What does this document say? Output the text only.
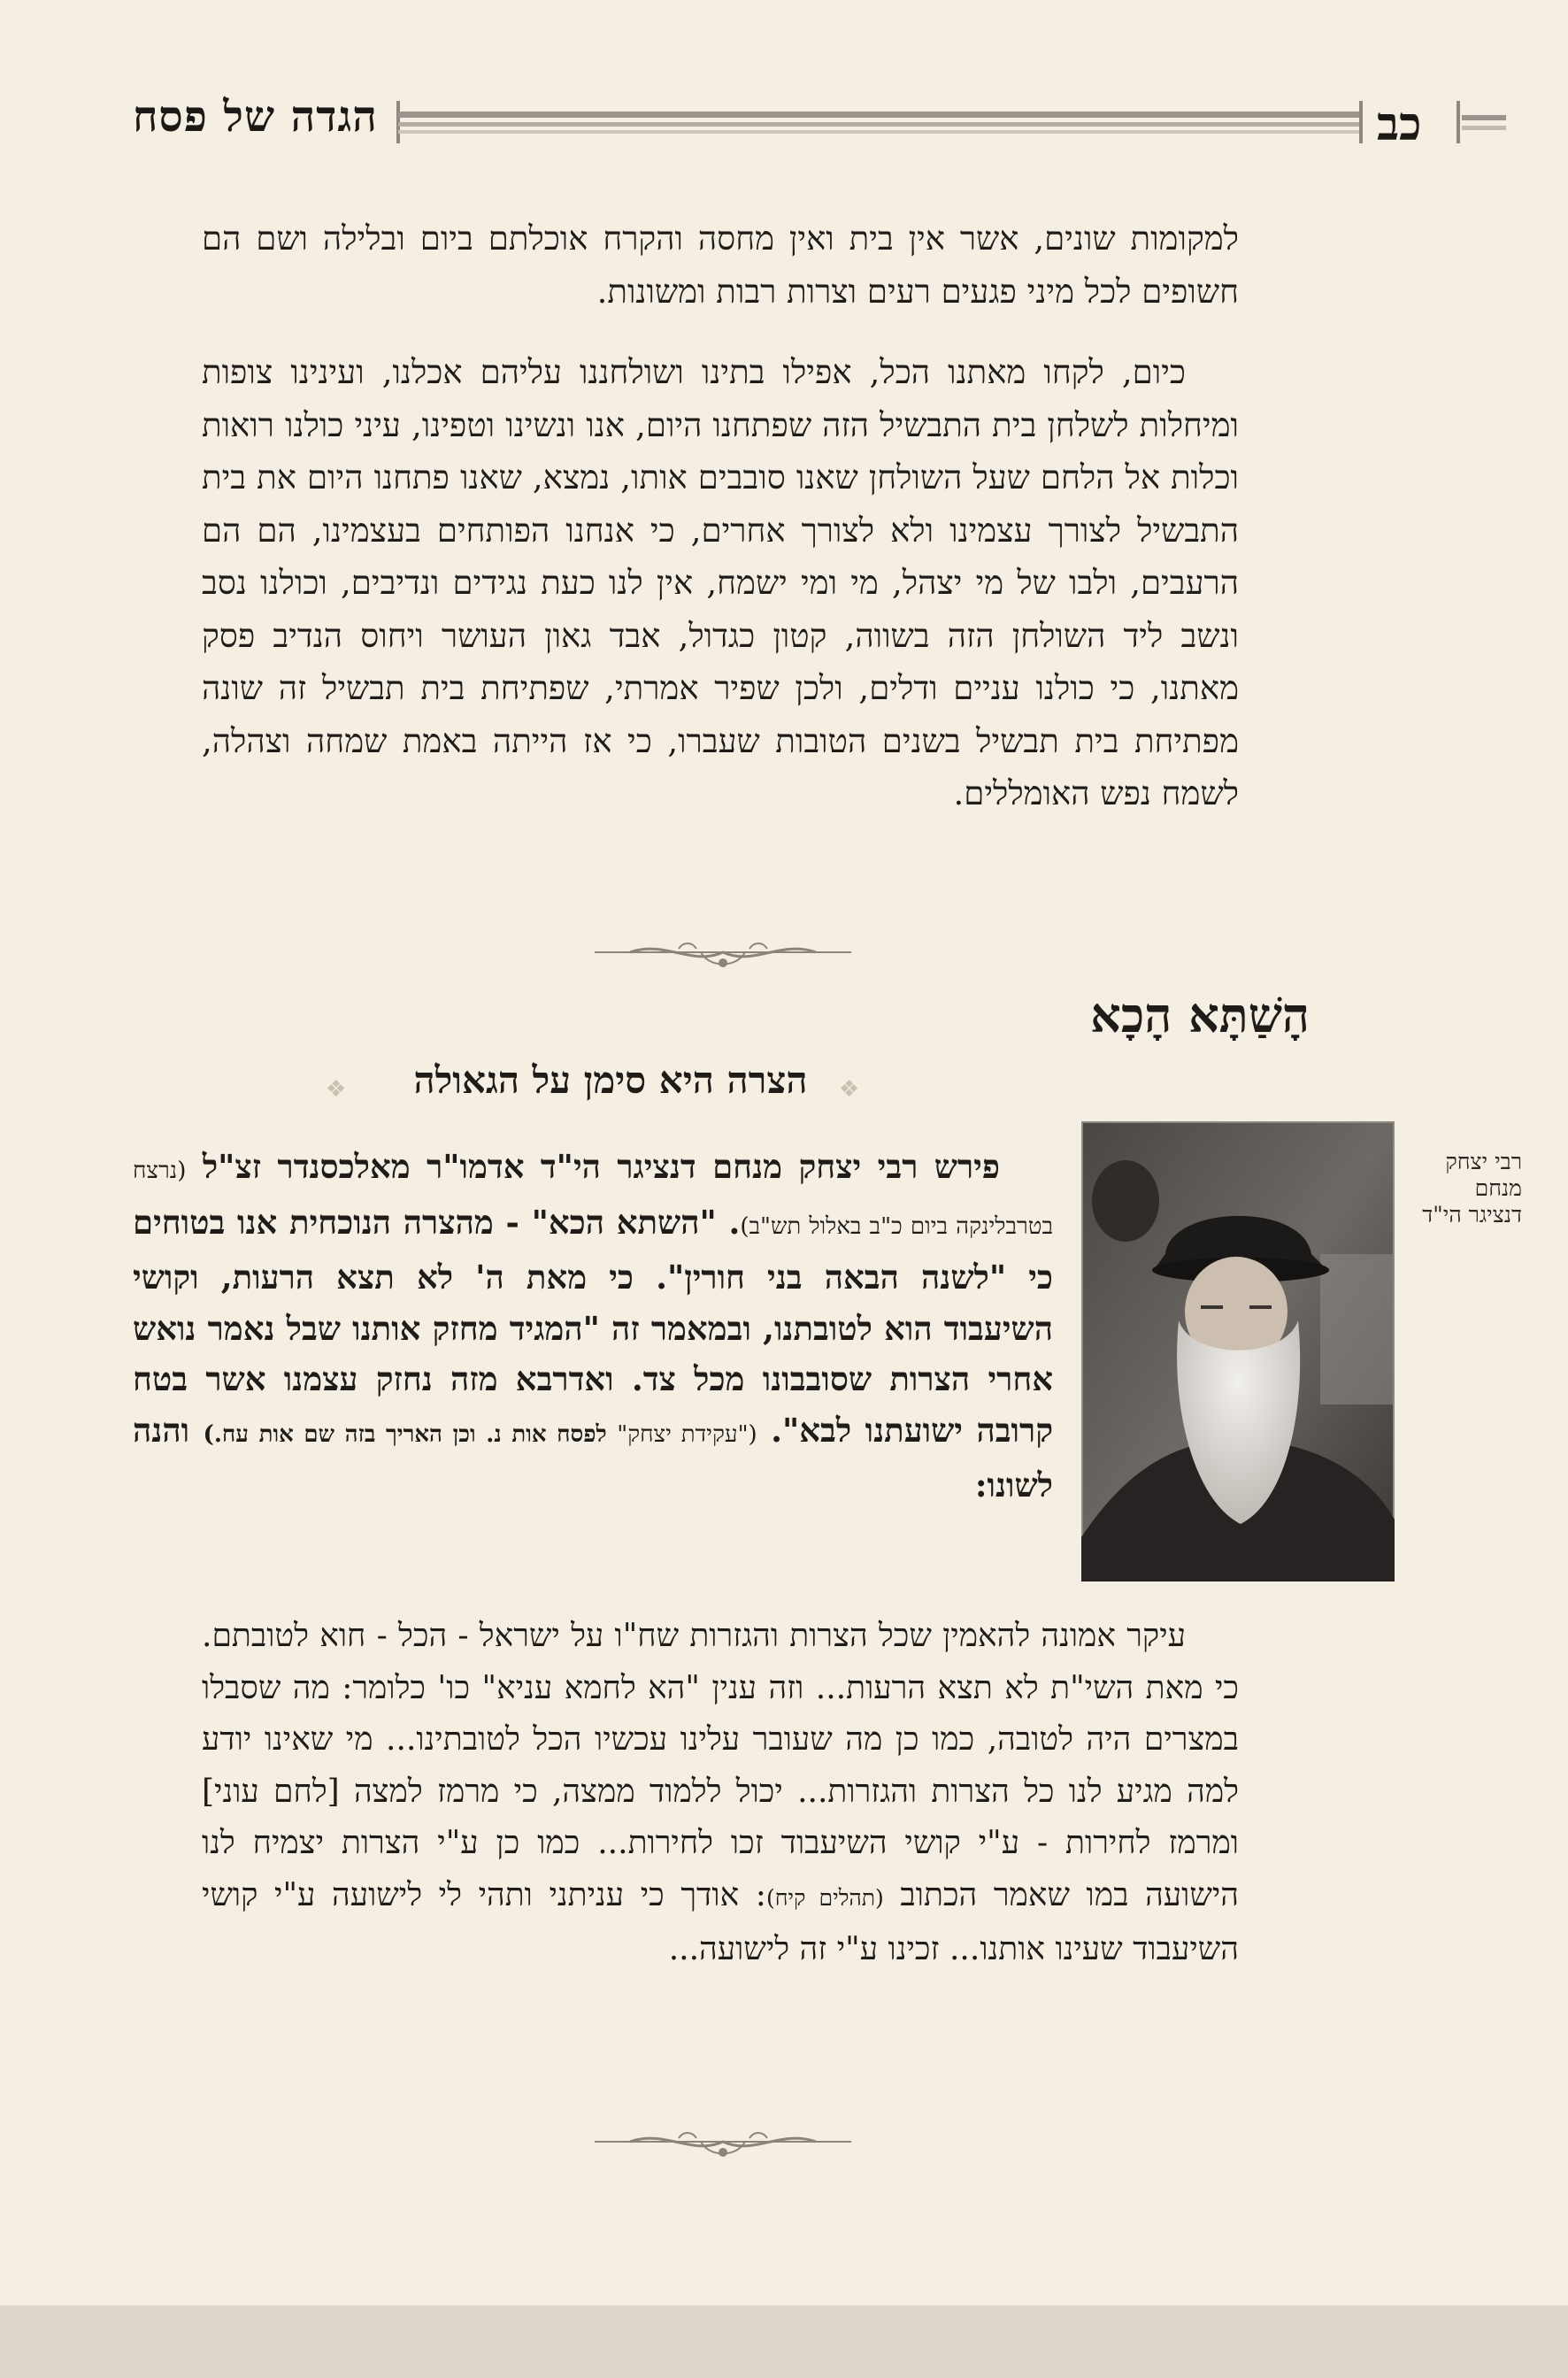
הגדה של פסח	כב
למקומות שונים, אשר אין בית ואין מחסה והקרח אוכלתם ביום ובלילה ושם הם חשופים לכל מיני פגעים רעים וצרות רבות ומשונות.
כיום, לקחו מאתנו הכל, אפילו בתינו ושולחננו עליהם אכלנו, ועינינו צופות ומיחלות לשלחן בית התבשיל הזה שפתחנו היום, אנו ונשינו וטפינו, עיני כולנו רואות וכלות אל הלחם שעל השולחן שאנו סובבים אותו, נמצא, שאנו פתחנו היום את בית התבשיל לצורך עצמינו ולא לצורך אחרים, כי אנחנו הפותחים בעצמינו, הם הם הרעבים, ולבו של מי יצהל, מי ומי ישמח, אין לנו כעת נגידים ונדיבים, וכולנו נסב ונשב ליד השולחן הזה בשווה, קטון כגדול, אבד גאון העושר ויחוס הנדיב פסק מאתנו, כי כולנו עניים ודלים, ולכן שפיר אמרתי, שפתיחת בית תבשיל זה שונה מפתיחת בית תבשיל בשנים הטובות שעברו, כי אז הייתה באמת שמחה וצהלה, לשמח נפש האומללים.
הָשַׁתָּא הָכָא
❖	הצרה היא סימן על הגאולה	❖
פירש רבי יצחק מנחם דנציגר הי"ד אדמו"ר מאלכסנדר זצ"ל (נרצח בטרבלינקה ביום כ"ב באלול תש"ב). "השתא הכא" - מהצרה הנוכחית אנו בטוחים כי "לשנה הבאה בני חורין". כי מאת ה' לא תצא הרעות, וקושי השיעבוד הוא לטובתנו, ובמאמר זה "המגיד מחזק אותנו שבל נאמר נואש אחרי הצרות שסובבונו מכל צד. ואדרבא מזה נחזק עצמנו אשר בטח קרובה ישועתנו לבא". ("עקידת יצחק" לפסח אות נ. וכן האריך בזה שם אות עח.) והנה לשונו:
רבי יצחק מנחם דנציגר הי"ד
עיקר אמונה להאמין שכל הצרות והגזרות שח"ו על ישראל - הכל - חוא לטובתם. כי מאת השי"ת לא תצא הרעות... וזה ענין "הא לחמא עניא" כו' כלומר: מה שסבלו במצרים היה לטובה, כמו כן מה שעובר עלינו עכשיו הכל לטובתינו... מי שאינו יודע למה מגיע לנו כל הצרות והגזרות... יכול ללמוד ממצה, כי מרמז למצה [לחם עוני] ומרמז לחירות - ע"י קושי השיעבוד זכו לחירות... כמו כן ע"י הצרות יצמיח לנו הישועה במו שאמר הכתוב (תהלים קיח): אודך כי עניתני ותהי לי לישועה ע"י קושי השיעבוד שעינו אותנו... זכינו ע"י זה לישועה...
